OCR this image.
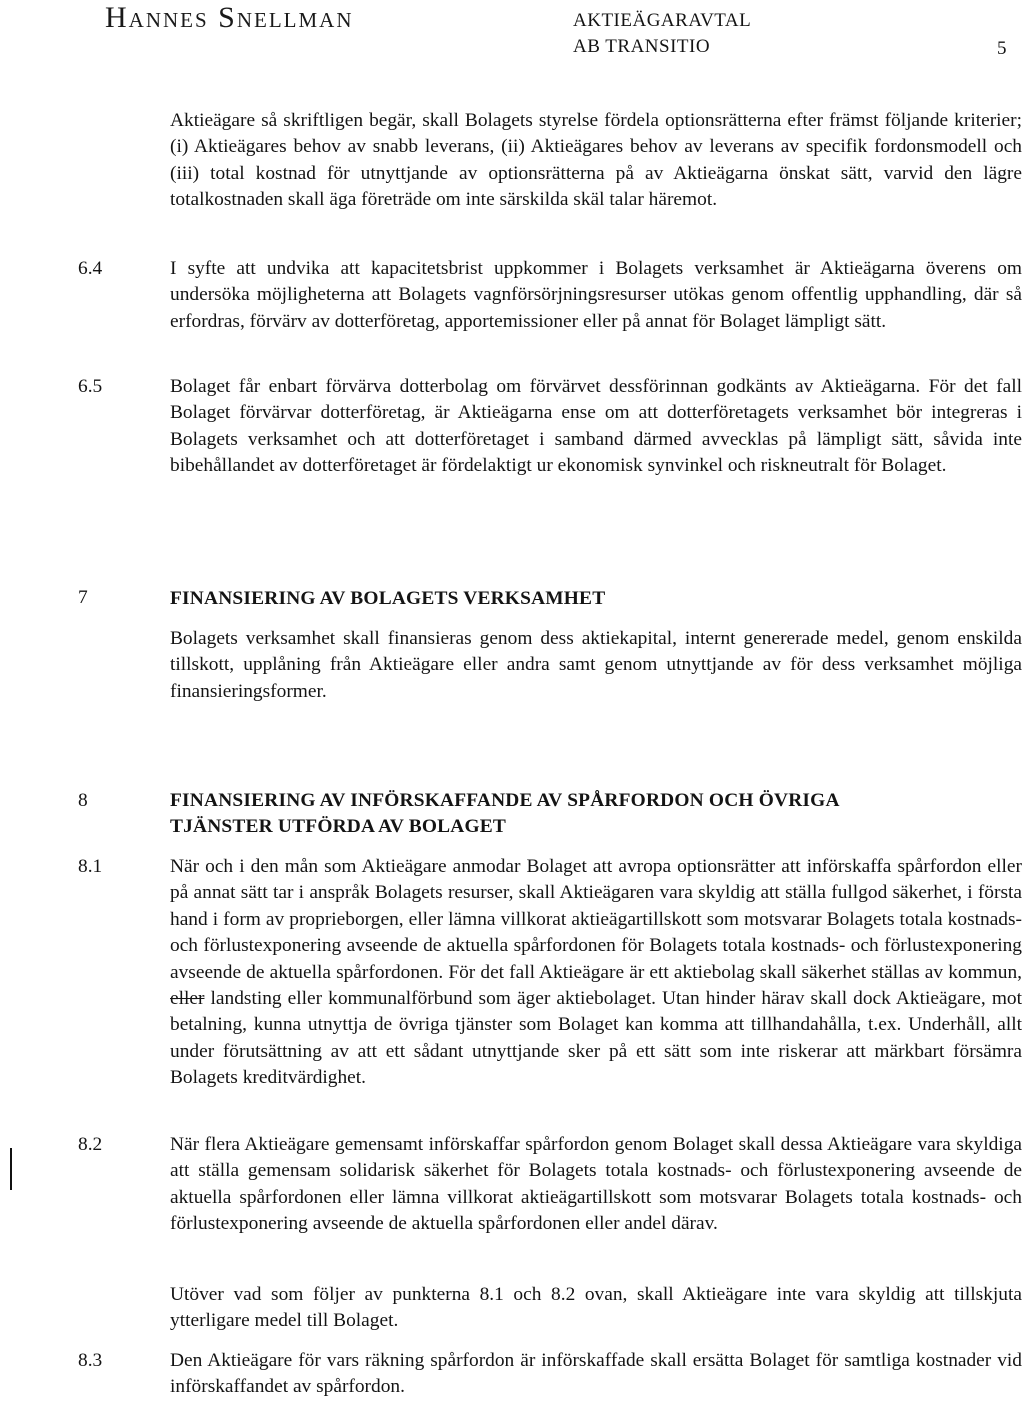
Hannes Snellman	AKTIEÄGARAVTAL
AB TRANSITIO	5
Aktieägare så skriftligen begär, skall Bolagets styrelse fördela optionsrätterna efter främst följande kriterier; (i) Aktieägares behov av snabb leverans, (ii) Aktieägares behov av leverans av specifik fordonsmodell och (iii) total kostnad för utnyttjande av optionsrätterna på av Aktieägarna önskat sätt, varvid den lägre totalkostnaden skall äga företräde om inte särskilda skäl talar häremot.
6.4	I syfte att undvika att kapacitetsbrist uppkommer i Bolagets verksamhet är Aktieägarna överens om undersöka möjligheterna att Bolagets vagnförsörjningsresurser utökas genom offentlig upphandling, där så erfordras, förvärv av dotterföretag, apportemissioner eller på annat för Bolaget lämpligt sätt.
6.5	Bolaget får enbart förvärva dotterbolag om förvärvet dessförinnan godkänts av Aktieägarna. För det fall Bolaget förvärvar dotterföretag, är Aktieägarna ense om att dotterföretagets verksamhet bör integreras i Bolagets verksamhet och att dotterföretaget i samband därmed avvecklas på lämpligt sätt, såvida inte bibehållandet av dotterföretaget är fördelaktigt ur ekonomisk synvinkel och riskneutralt för Bolaget.
7	FINANSIERING AV BOLAGETS VERKSAMHET
Bolagets verksamhet skall finansieras genom dess aktiekapital, internt genererade medel, genom enskilda tillskott, upplåning från Aktieägare eller andra samt genom utnyttjande av för dess verksamhet möjliga finansieringsformer.
8	FINANSIERING AV INFÖRSKAFFANDE AV SPÅRFORDON OCH ÖVRIGA
TJÄNSTER UTFÖRDA AV BOLAGET
8.1	När och i den mån som Aktieägare anmodar Bolaget att avropa optionsrätter att införskaffa spårfordon eller på annat sätt tar i anspråk Bolagets resurser, skall Aktieägaren vara skyldig att ställa fullgod säkerhet, i första hand i form av proprieborgen, eller lämna villkorat aktieägartillskott som motsvarar Bolagets totala kostnads- och förlustexponering avseende de aktuella spårfordonen för Bolagets totala kostnads- och förlustexponering avseende de aktuella spårfordonen. För det fall Aktieägare är ett aktiebolag skall säkerhet ställas av kommun, eller landsting eller kommunalförbund som äger aktiebolaget. Utan hinder härav skall dock Aktieägare, mot betalning, kunna utnyttja de övriga tjänster som Bolaget kan komma att tillhandahålla, t.ex. Underhåll, allt under förutsättning av att ett sådant utnyttjande sker på ett sätt som inte riskerar att märkbart försämra Bolagets kreditvärdighet.
8.2	När flera Aktieägare gemensamt införskaffar spårfordon genom Bolaget skall dessa Aktieägare vara skyldiga att ställa gemensam solidarisk säkerhet för Bolagets totala kostnads- och förlustexponering avseende de aktuella spårfordonen eller lämna villkorat aktieägartillskott som motsvarar Bolagets totala kostnads- och förlustexponering avseende de aktuella spårfordonen eller andel därav.
Utöver vad som följer av punkterna 8.1 och 8.2 ovan, skall Aktieägare inte vara skyldig att tillskjuta ytterligare medel till Bolaget.
8.3	Den Aktieägare för vars räkning spårfordon är införskaffade skall ersätta Bolaget för samtliga kostnader vid införskaffandet av spårfordon.
